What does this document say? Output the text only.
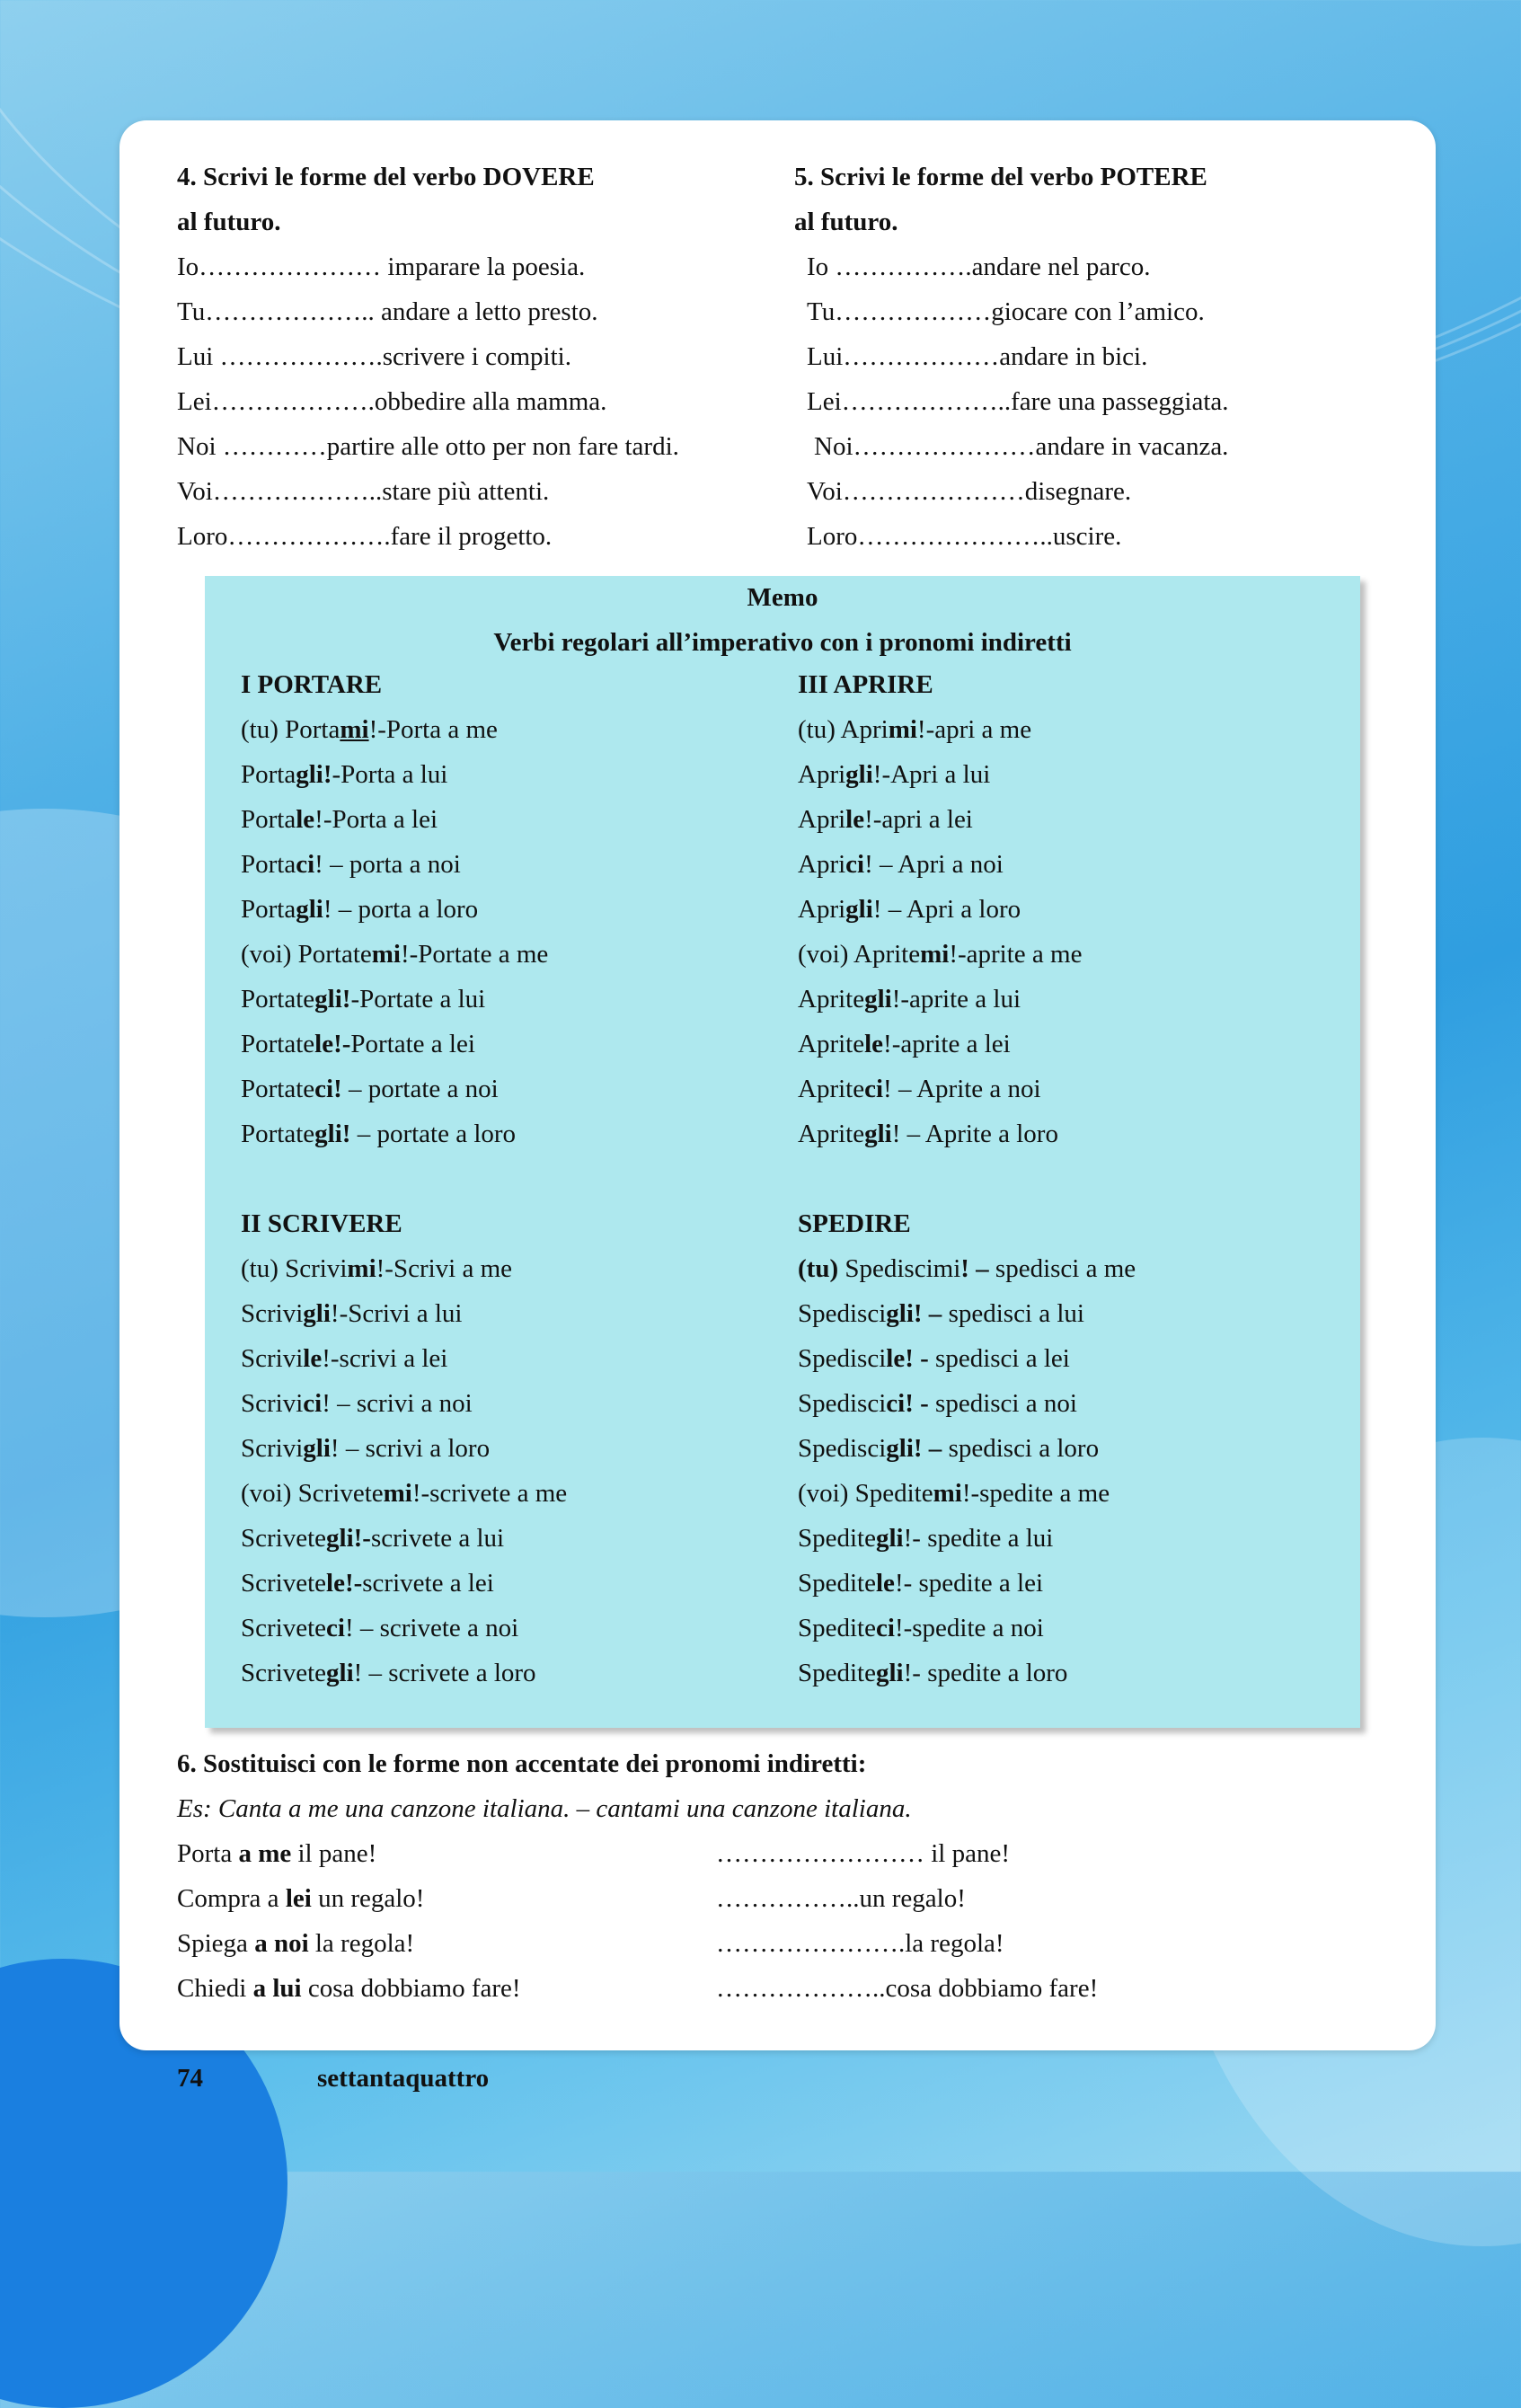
4. Scrivi le forme del verbo DOVERE
al futuro.
Io………………… imparare la poesia.
Tu……………….. andare a letto presto.
Lui ……………….scrivere i compiti.
Lei……………….obbedire alla mamma.
Noi …………partire alle otto per non fare tardi.
Voi………………..stare più attenti.
Loro……………….fare il progetto.
5. Scrivi le forme del verbo POTERE
al futuro.
Io …………….andare nel parco.
Tu………………giocare con l’amico.
Lui………………andare in bici.
Lei………………..fare una passeggiata.
Noi…………………andare in vacanza.
Voi…………………disegnare.
Loro…………………..uscire.
Memo
Verbi regolari all’imperativo con i pronomi indiretti
I PORTARE
(tu) Portami!-Porta a me
Portagli!-Porta a lui
Portale!-Porta a lei
Portaci! – porta a noi
Portagli! – porta a loro
(voi) Portatemi!-Portate a me
Portategli!-Portate a lui
Portatele!-Portate a lei
Portateci! – portate a noi
Portategli! – portate a loro
III APRIRE
(tu) Aprimi!-apri a me
Aprigli!-Apri a lui
Aprile!-apri a lei
Aprici! – Apri a noi
Aprigli! – Apri a loro
(voi) Apritemi!-aprite a me
Apritegli!-aprite a lui
Apritele!-aprite a lei
Apriteci! – Aprite a noi
Apritegli! – Aprite a loro
II SCRIVERE
(tu) Scrivimi!-Scrivi a me
Scrivigli!-Scrivi a lui
Scrivile!-scrivi a lei
Scrivici! – scrivi a noi
Scrivigli! – scrivi a loro
(voi) Scrivetemi!-scrivete a me
Scrivetegli!-scrivete a lui
Scrivetele!-scrivete a lei
Scriveteci! – scrivete a noi
Scrivetegli! – scrivete a loro
SPEDIRE
(tu) Spediscimi! – spedisci a me
Spediscigli! – spedisci a lui
Spediscile! - spedisci a lei
Spediscici! - spedisci a noi
Spediscigli! – spedisci a loro
(voi) Speditemi!-spedite a me
Speditegli!- spedite a lui
Speditele!- spedite a lei
Spediteci!-spedite a noi
Speditegli!- spedite a loro
6. Sostituisci con le forme non accentate dei pronomi indiretti:
Es: Canta a me una canzone italiana. – cantami una canzone italiana.
Porta a me il pane!	…………………… il pane!
Compra a lei un regalo!	……………..un regalo!
Spiega a noi la regola!	………………….la regola!
Chiedi a lui cosa dobbiamo fare!	………………..cosa dobbiamo fare!
74	settantaquattro
